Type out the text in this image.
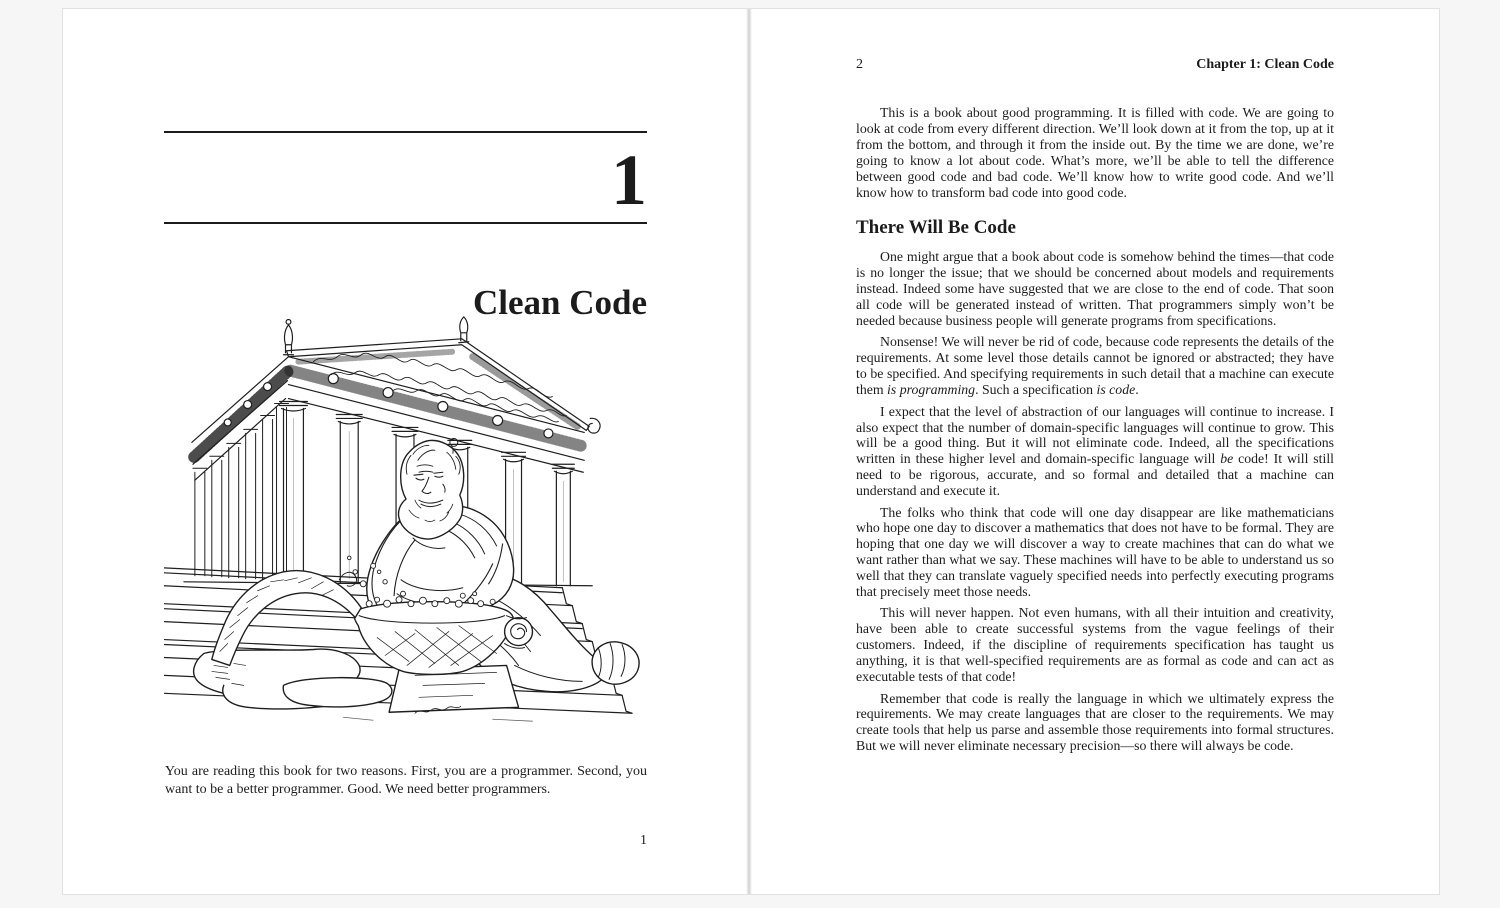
1
Clean Code

You are reading this book for two reasons. First, you are a programmer. Second, you want to be a better programmer. Good. We need better programmers.

1
2	Chapter 1: Clean Code

This is a book about good programming. It is filled with code. We are going to look at code from every different direction. We’ll look down at it from the top, up at it from the bottom, and through it from the inside out. By the time we are done, we’re going to know a lot about code. What’s more, we’ll be able to tell the difference between good code and bad code. We’ll know how to write good code. And we’ll know how to transform bad code into good code.

There Will Be Code

One might argue that a book about code is somehow behind the times—that code is no longer the issue; that we should be concerned about models and requirements instead. Indeed some have suggested that we are close to the end of code. That soon all code will be generated instead of written. That programmers simply won’t be needed because business people will generate programs from specifications.

Nonsense! We will never be rid of code, because code represents the details of the requirements. At some level those details cannot be ignored or abstracted; they have to be specified. And specifying requirements in such detail that a machine can execute them is programming. Such a specification is code.

I expect that the level of abstraction of our languages will continue to increase. I also expect that the number of domain-specific languages will continue to grow. This will be a good thing. But it will not eliminate code. Indeed, all the specifications written in these higher level and domain-specific language will be code! It will still need to be rigorous, accurate, and so formal and detailed that a machine can understand and execute it.

The folks who think that code will one day disappear are like mathematicians who hope one day to discover a mathematics that does not have to be formal. They are hoping that one day we will discover a way to create machines that can do what we want rather than what we say. These machines will have to be able to understand us so well that they can translate vaguely specified needs into perfectly executing programs that precisely meet those needs.

This will never happen. Not even humans, with all their intuition and creativity, have been able to create successful systems from the vague feelings of their customers. Indeed, if the discipline of requirements specification has taught us anything, it is that well-specified requirements are as formal as code and can act as executable tests of that code!

Remember that code is really the language in which we ultimately express the requirements. We may create languages that are closer to the requirements. We may create tools that help us parse and assemble those requirements into formal structures. But we will never eliminate necessary precision—so there will always be code.
